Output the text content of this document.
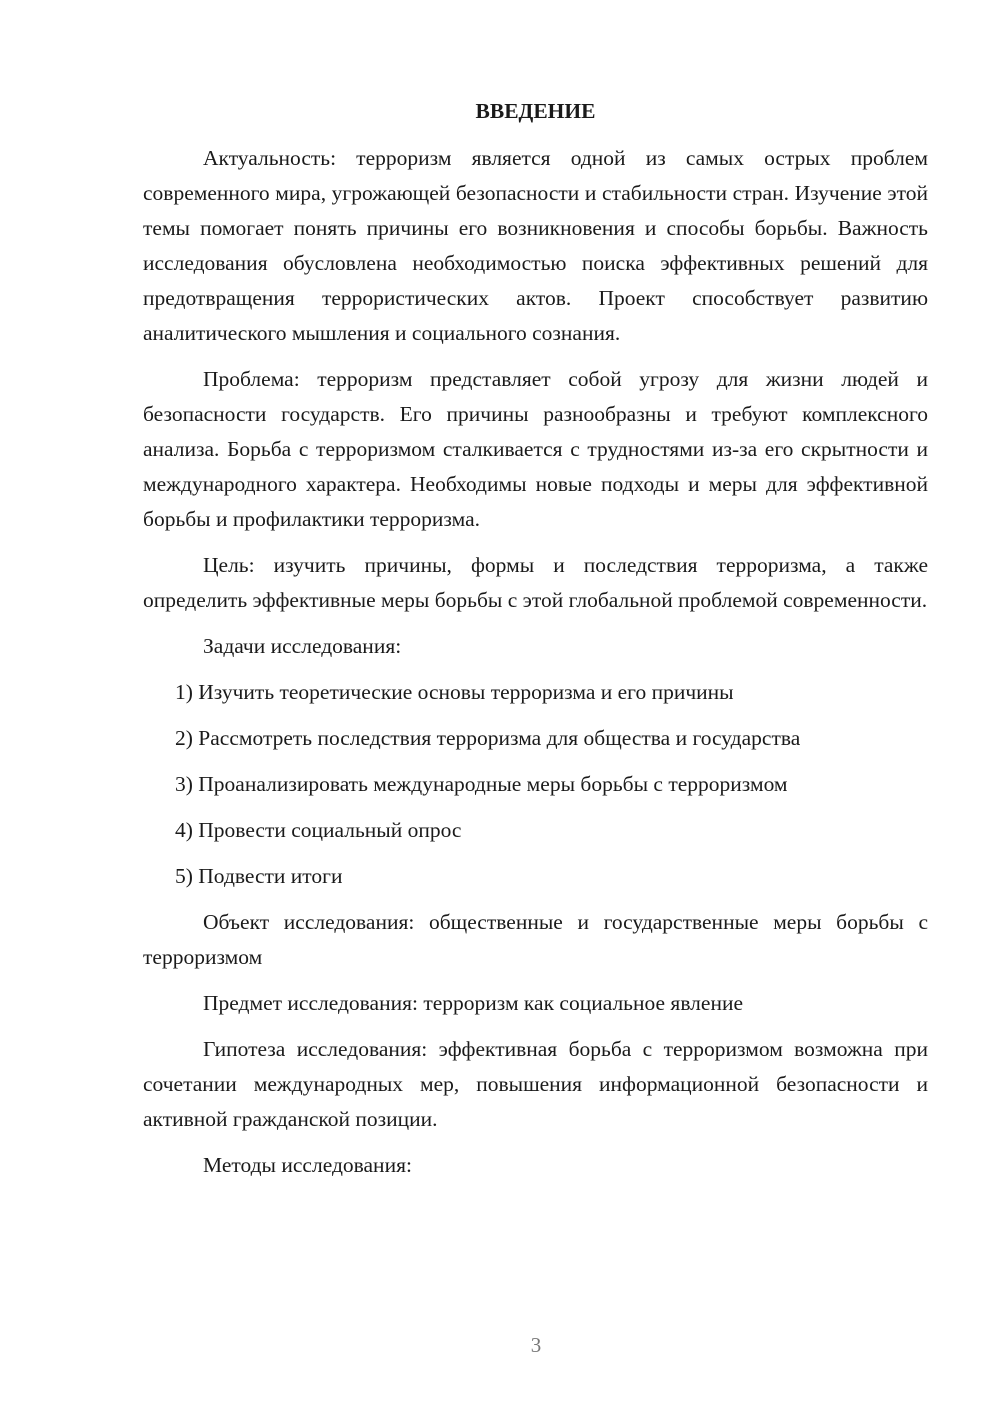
ВВЕДЕНИЕ

Актуальность: терроризм является одной из самых острых проблем современного мира, угрожающей безопасности и стабильности стран. Изучение этой темы помогает понять причины его возникновения и способы борьбы. Важность исследования обусловлена необходимостью поиска эффективных решений для предотвращения террористических актов. Проект способствует развитию аналитического мышления и социального сознания.

Проблема: терроризм представляет собой угрозу для жизни людей и безопасности государств. Его причины разнообразны и требуют комплексного анализа. Борьба с терроризмом сталкивается с трудностями из-за его скрытности и международного характера. Необходимы новые подходы и меры для эффективной борьбы и профилактики терроризма.

Цель: изучить причины, формы и последствия терроризма, а также определить эффективные меры борьбы с этой глобальной проблемой современности.

Задачи исследования:

1) Изучить теоретические основы терроризма и его причины

2) Рассмотреть последствия терроризма для общества и государства

3) Проанализировать международные меры борьбы с терроризмом

4) Провести социальный опрос

5) Подвести итоги

Объект исследования: общественные и государственные меры борьбы с терроризмом

Предмет исследования: терроризм как социальное явление

Гипотеза исследования: эффективная борьба с терроризмом возможна при сочетании международных мер, повышения информационной безопасности и активной гражданской позиции.

Методы исследования:

3
